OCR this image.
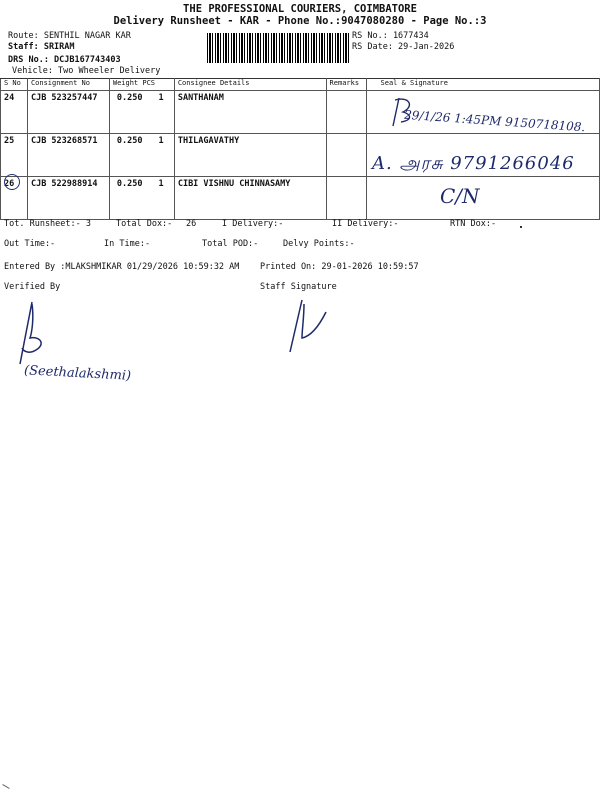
THE PROFESSIONAL COURIERS, COIMBATORE
Delivery Runsheet - KAR - Phone No.:9047080280 - Page No.:3
Route: SENTHIL NAGAR KAR
Staff: SRIRAM
DRS No.: DCJB167743403
Vehicle: Two Wheeler Delivery
RS No.: 1677434
RS Date: 29-Jan-2026
S No	Consignment No	Weight PCS	Consignee Details	Remarks	Seal & Signature
24	CJB 523257447	0.250 1	SANTHANAM		
25	CJB 523268571	0.250 1	THILAGAVATHY		
26	CJB 522988914	0.250 1	CIBI VISHNU CHINNASAMY		
Tot. Runsheet:- 3	Total Dox:- 26	I Delivery:-	II Delivery:-	RTN Dox:-
Out Time:-	In Time:-	Total POD:-	Delvy Points:-
Entered By :MLAKSHMIKAR 01/29/2026 10:59:32 AM Printed On: 29-01-2026 10:59:57
Verified By	Staff Signature
29/1/26 1:45PM 9150718108.
A. அரசு 9791266046
C/N
(Seethalakshmi)
